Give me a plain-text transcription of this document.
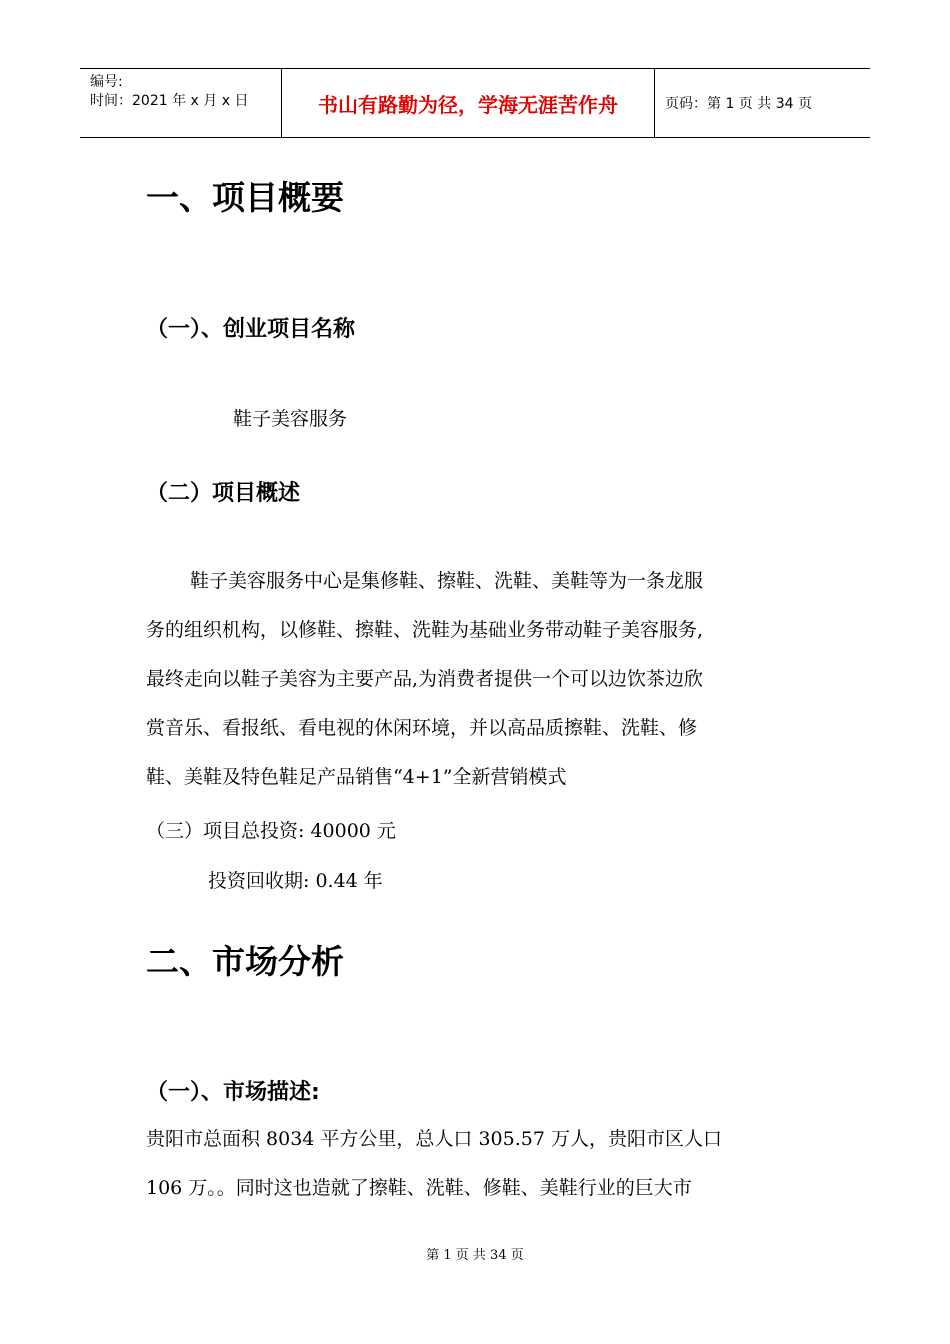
编号:
时间：2021 年 x 月 x 日	书山有路勤为径，学海无涯苦作舟	页码：第 1 页 共 34 页
一、项目概要
（一）、创业项目名称
鞋子美容服务
（二）项目概述
鞋子美容服务中心是集修鞋、擦鞋、洗鞋、美鞋等为一条龙服
务的组织机构，以修鞋、擦鞋、洗鞋为基础业务带动鞋子美容服务,
最终走向以鞋子美容为主要产品,为消费者提供一个可以边饮茶边欣
赏音乐、看报纸、看电视的休闲环境，并以高品质擦鞋、洗鞋、修
鞋、美鞋及特色鞋足产品销售“4+1”全新营销模式
（三）项目总投资: 40000 元
投资回收期: 0.44 年
二、市场分析
（一）、市场描述:
贵阳市总面积 8034 平方公里，总人口 305.57 万人，贵阳市区人口
106 万。。同时这也造就了擦鞋、洗鞋、修鞋、美鞋行业的巨大市
第 1 页 共 34 页
